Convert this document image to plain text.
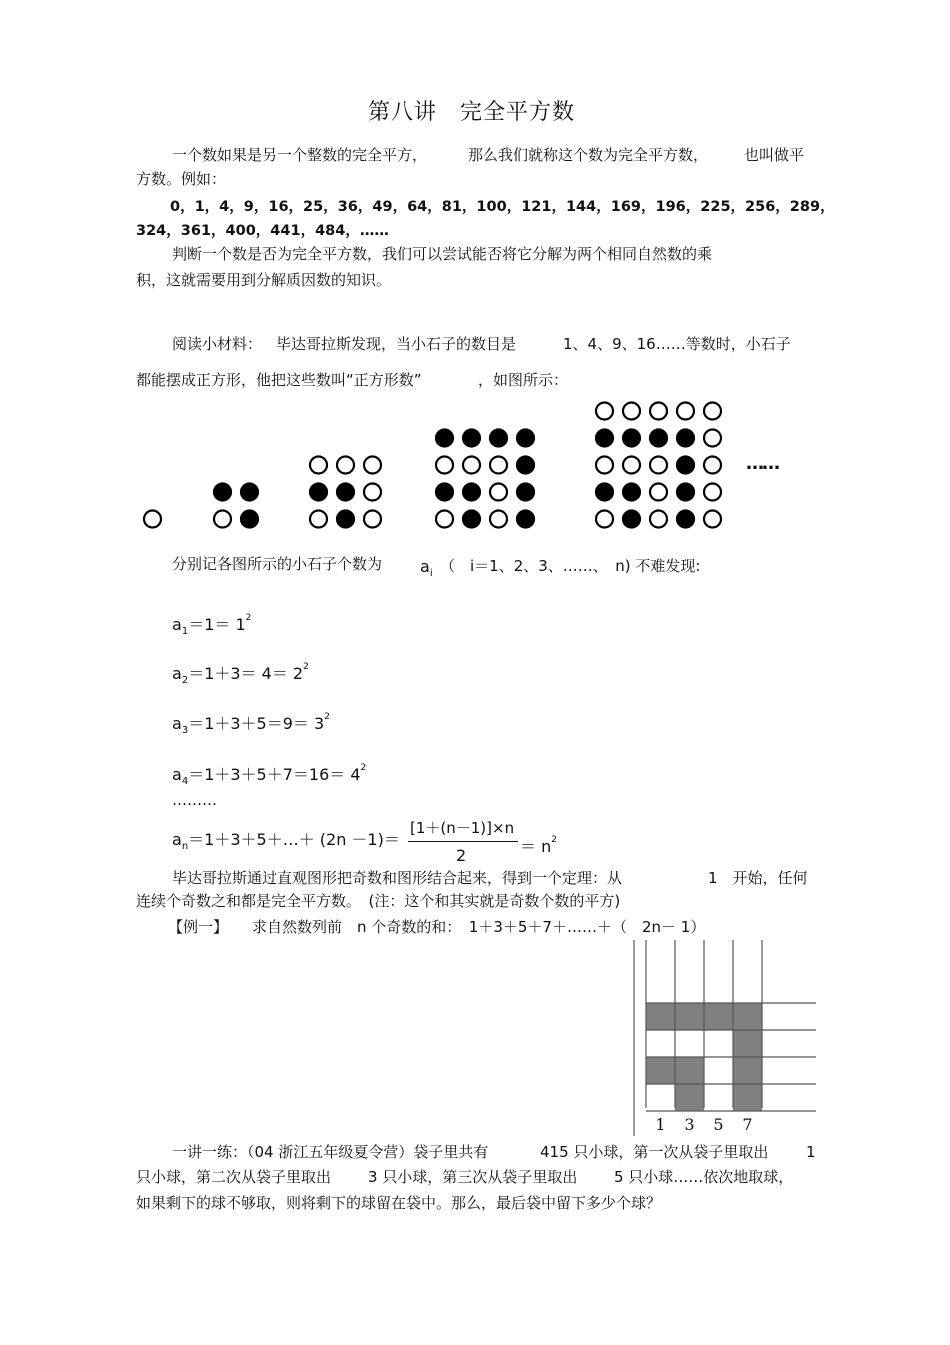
第八讲　完全平方数
一个数如果是另一个整数的完全平方，	那么我们就称这个数为完全平方数， 也叫做平
方数。例如：
0，1，4，9，16，25，36，49，64，81，100，121，144，169，196，225，256，289，
324，361，400，441，484，……
判断一个数是否为完全平方数，我们可以尝试能否将它分解为两个相同自然数的乘
积，这就需要用到分解质因数的知识。
阅读小材料： 毕达哥拉斯发现，当小石子的数目是	1、4、9、16……等数时，小石子
都能摆成正方形，他把这些数叫“正方形数”	，如图所示：
……
分别记各图所示的小石子个数为 $a_i$ （　i＝1、2、3、……、　n) 不难发现:
$a_1=1= 1^2$
$a_2=1+3= 4= 2^2$
$a_3=1+3+5=9= 3^2$
$a_4=1+3+5+7=16= 4^2$
………
$a_n=1+3+5+\dots+ (2n -1)=$
[1＋(n－1)]×n
2	＝ $n^2$
毕达哥拉斯通过直观图形把奇数和图形结合起来，得到一个定理：从	1　开始，任何
连续个奇数之和都是完全平方数。　(注：这个和其实就是奇数个数的平方)
【例一】 求自然数列前　n 个奇数的和：　1＋3＋5＋7＋……＋（　2n－ 1）
1 3 5 7
一讲一练：（04 浙江五年级夏令营）袋子里共有	415 只小球，第一次从袋子里取出	1
只小球，第二次从袋子里取出 3 只小球，第三次从袋子里取出 5 只小球……依次地取球，
如果剩下的球不够取，则将剩下的球留在袋中。那么，最后袋中留下多少个球？
